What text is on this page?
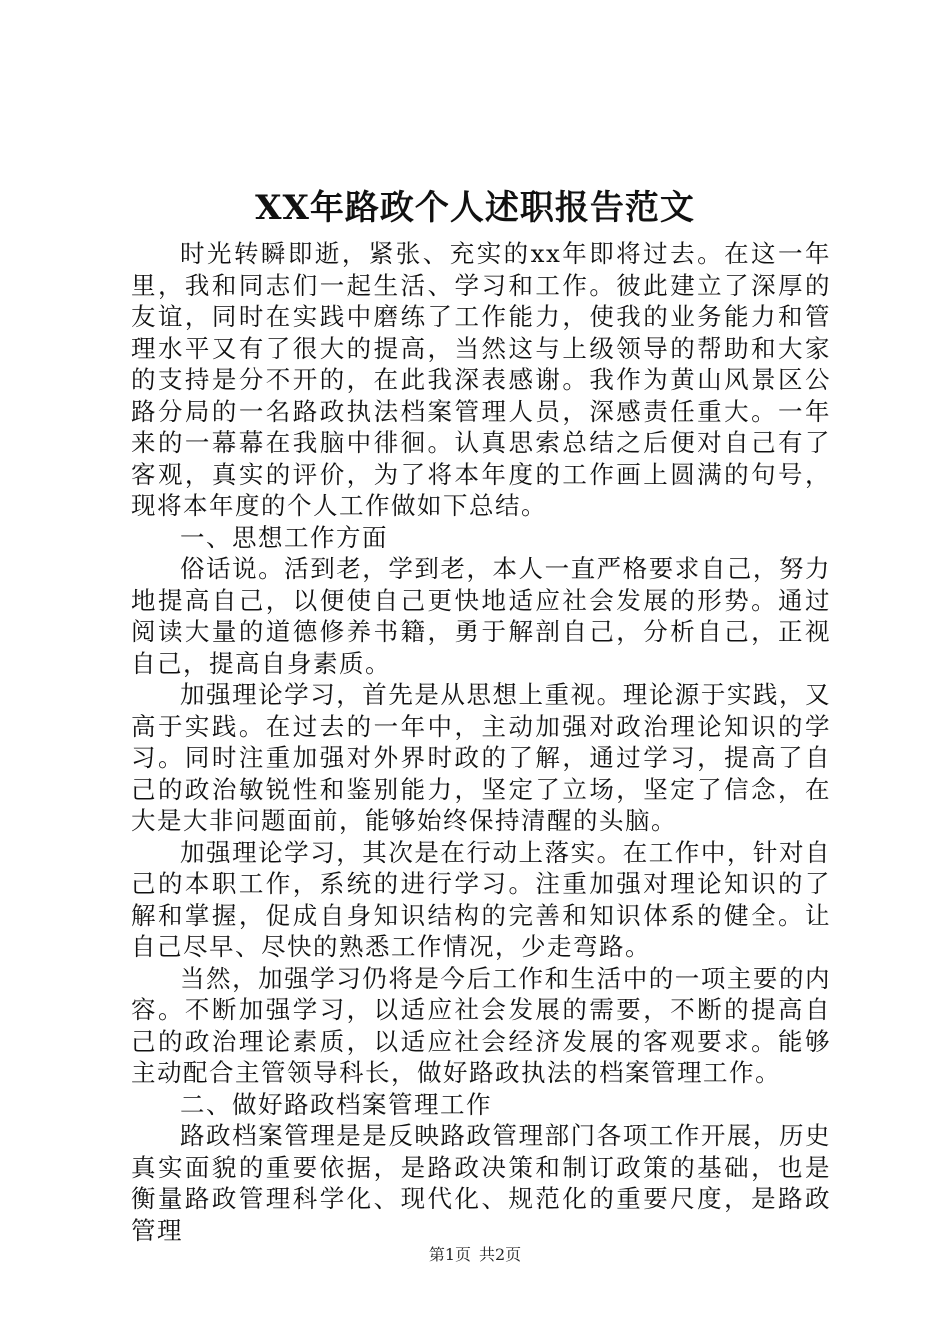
XX年路政个人述职报告范文

时光转瞬即逝，紧张、充实的xx年即将过去。在这一年里，我和同志们一起生活、学习和工作。彼此建立了深厚的友谊，同时在实践中磨练了工作能力，使我的业务能力和管理水平又有了很大的提高，当然这与上级领导的帮助和大家的支持是分不开的，在此我深表感谢。我作为黄山风景区公路分局的一名路政执法档案管理人员，深感责任重大。一年来的一幕幕在我脑中徘徊。认真思索总结之后便对自己有了客观，真实的评价，为了将本年度的工作画上圆满的句号，现将本年度的个人工作做如下总结。

一、思想工作方面

俗话说。活到老，学到老，本人一直严格要求自己，努力地提高自己，以便使自己更快地适应社会发展的形势。通过阅读大量的道德修养书籍，勇于解剖自己，分析自己，正视自己，提高自身素质。

加强理论学习，首先是从思想上重视。理论源于实践，又高于实践。在过去的一年中，主动加强对政治理论知识的学习。同时注重加强对外界时政的了解，通过学习，提高了自己的政治敏锐性和鉴别能力，坚定了立场，坚定了信念，在大是大非问题面前，能够始终保持清醒的头脑。

加强理论学习，其次是在行动上落实。在工作中，针对自己的本职工作，系统的进行学习。注重加强对理论知识的了解和掌握，促成自身知识结构的完善和知识体系的健全。让自己尽早、尽快的熟悉工作情况，少走弯路。

当然，加强学习仍将是今后工作和生活中的一项主要的内容。不断加强学习，以适应社会发展的需要，不断的提高自己的政治理论素质，以适应社会经济发展的客观要求。能够主动配合主管领导科长，做好路政执法的档案管理工作。

二、做好路政档案管理工作

路政档案管理是是反映路政管理部门各项工作开展，历史真实面貌的重要依据，是路政决策和制订政策的基础，也是衡量路政管理科学化、现代化、规范化的重要尺度，是路政管理

第1页 共2页
